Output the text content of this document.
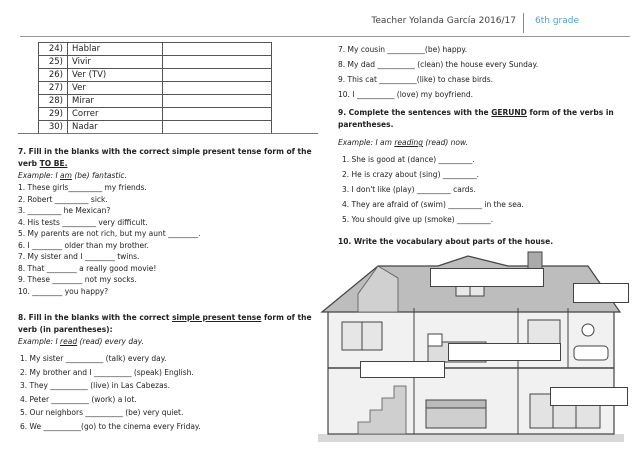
Teacher Yolanda García 2016/17 6th grade
24)	Hablar	
25)	Vivir	
26)	Ver (TV)	
27)	Ver	
28)	Mirar	
29)	Correr	
30)	Nadar	
7. Fill in the blanks with the correct simple present tense form of the
verb TO BE.
Example: I am (be) fantastic.
1. These girls_________ my friends.
2. Robert _________ sick.
3. _________ he Mexican?
4. His tests _________ very difficult.
5. My parents are not rich, but my aunt ________.
6. I ________ older than my brother.
7. My sister and I ________ twins.
8. That ________ a really good movie!
9. These ________ not my socks.
10. ________ you happy?
8. Fill in the blanks with the correct simple present tense form of the
verb (in parentheses):
Example: I read (read) every day.
1. My sister __________ (talk) every day.
2. My brother and I __________ (speak) English.
3. They __________ (live) in Las Cabezas.
4. Peter __________ (work) a lot.
5. Our neighbors __________ (be) very quiet.
6. We __________(go) to the cinema every Friday.
7. My cousin __________(be) happy.
8. My dad __________ (clean) the house every Sunday.
9. This cat __________(like) to chase birds.
10. I __________ (love) my boyfriend.
9. Complete the sentences with the GERUND form of the verbs in
parentheses.
Example: I am reading (read) now.
1. She is good at (dance) _________.
2. He is crazy about (sing) _________.
3. I don't like (play) _________ cards.
4. They are afraid of (swim) _________ in the sea.
5. You should give up (smoke) _________.
10. Write the vocabulary about parts of the house.
